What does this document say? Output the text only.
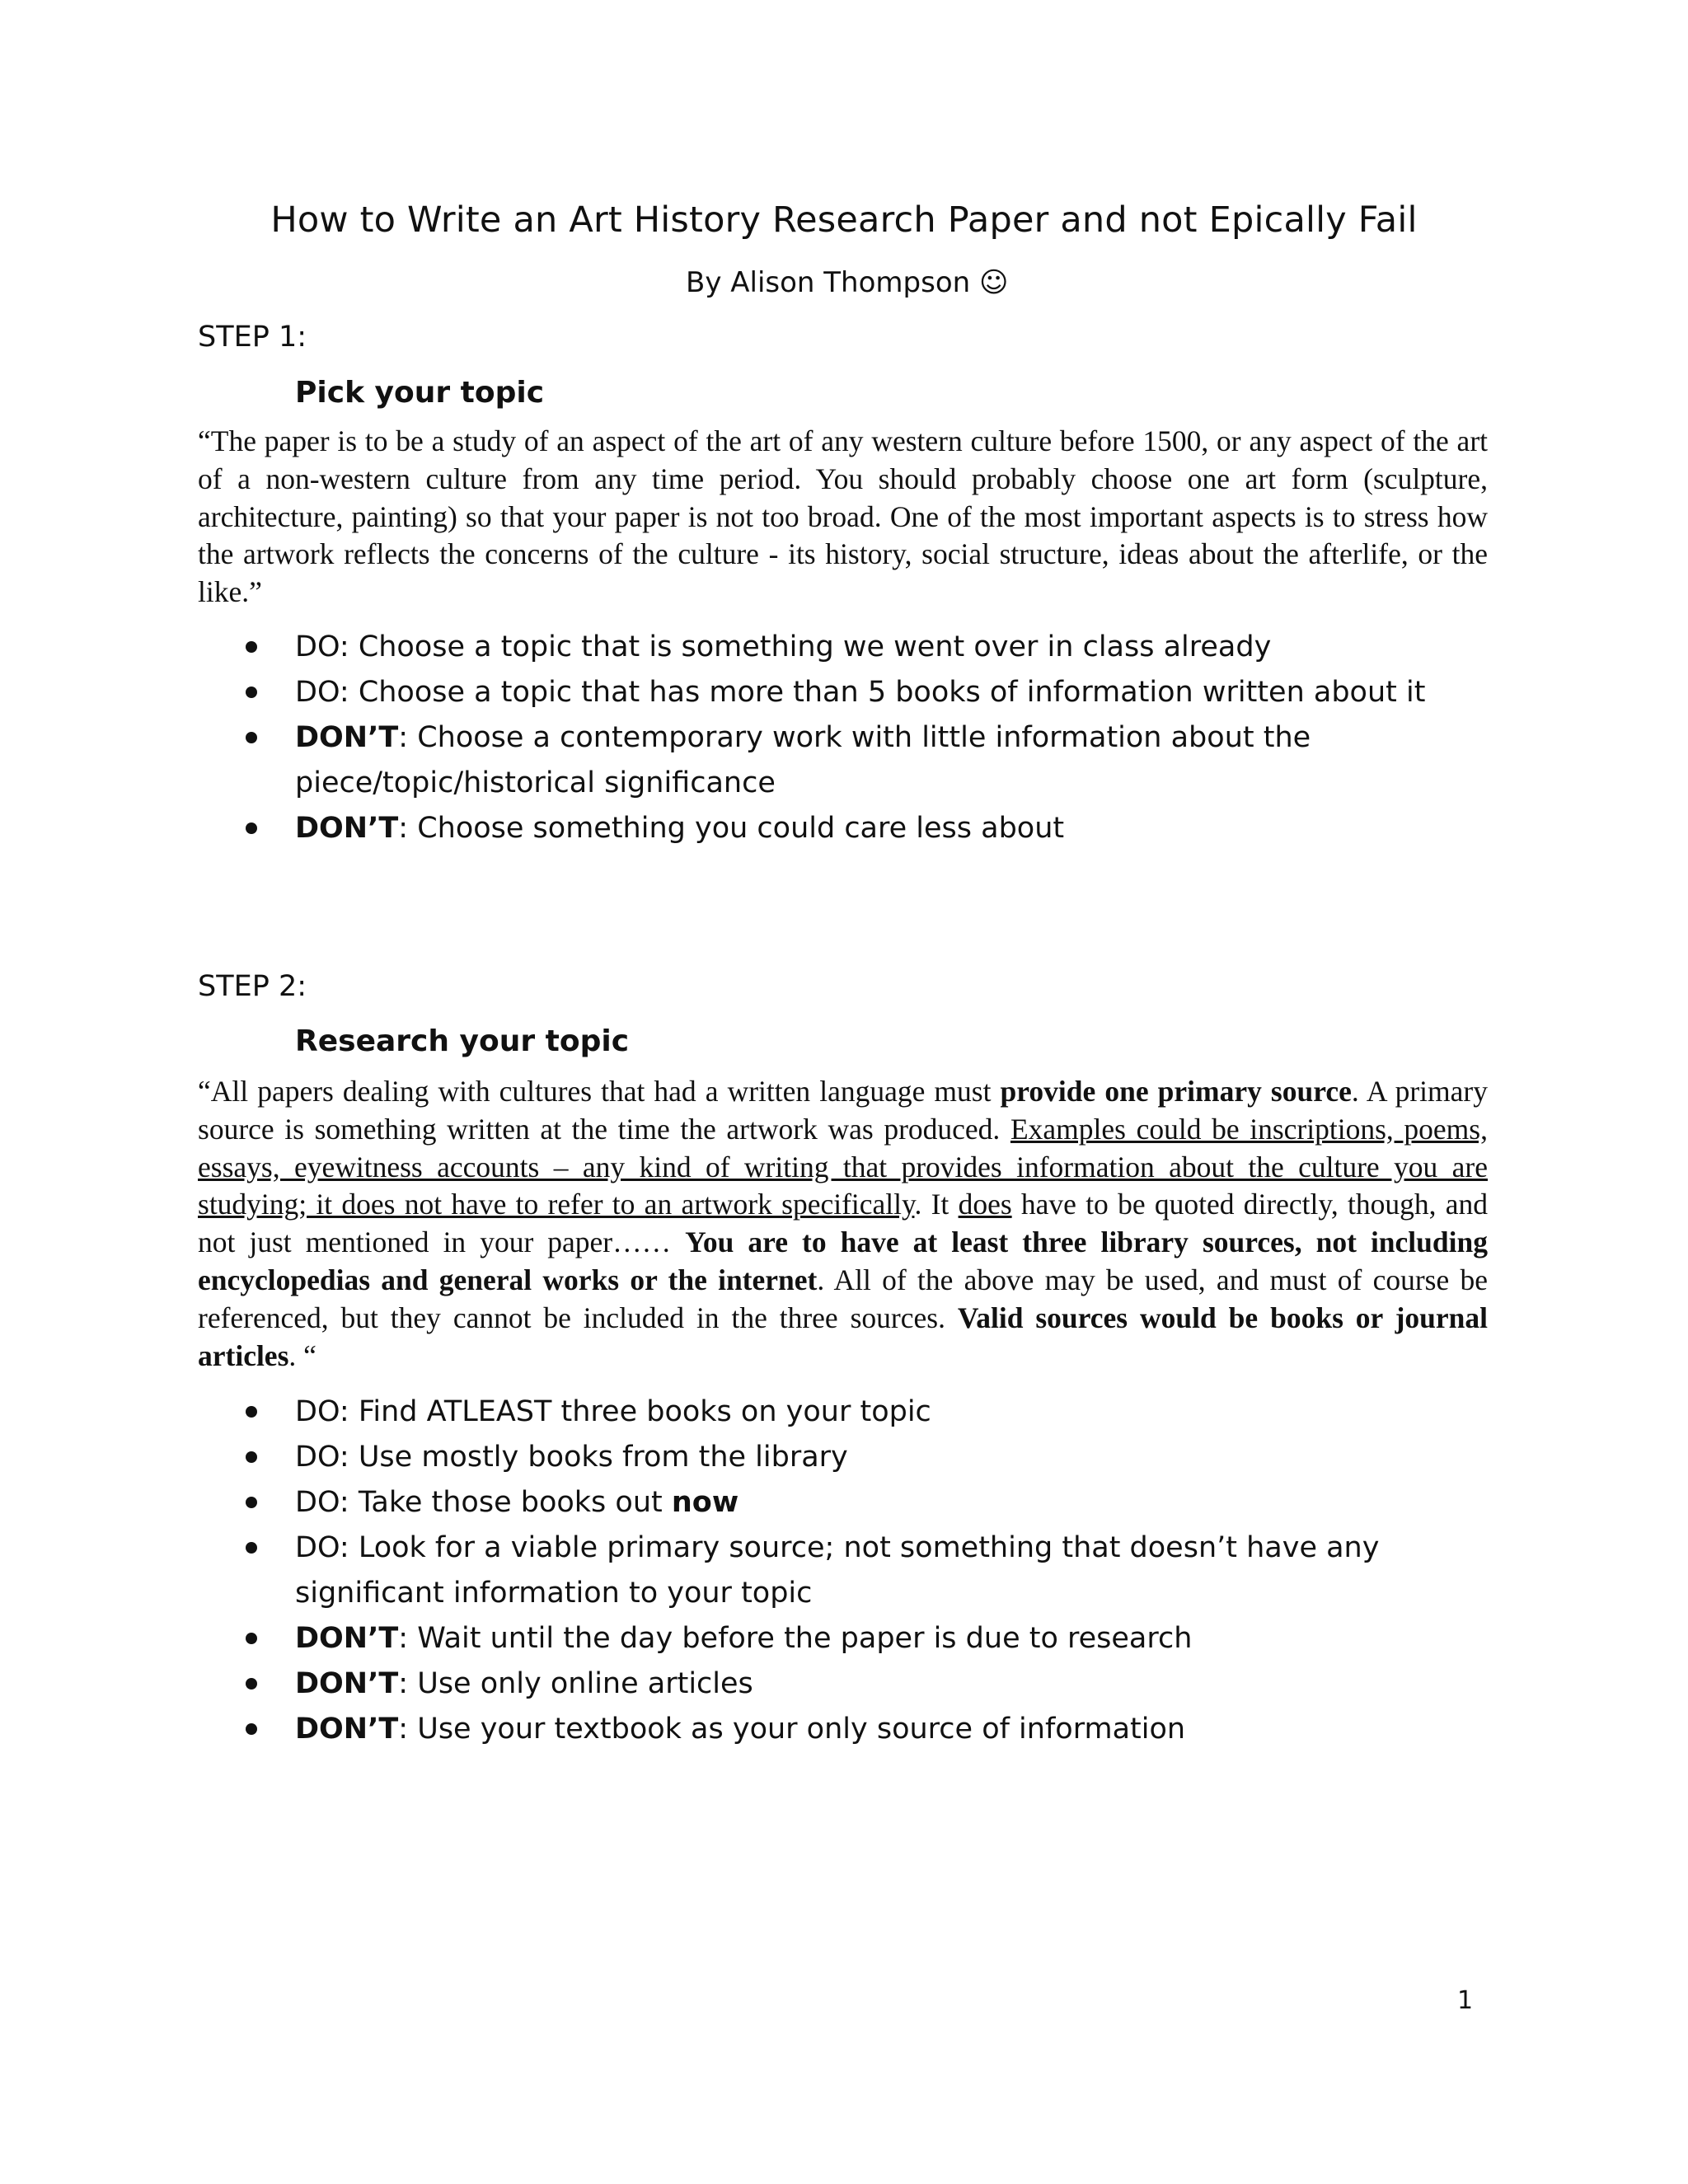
How to Write an Art History Research Paper and not Epically Fail
By Alison Thompson ☺
STEP 1:
Pick your topic
“The paper is to be a study of an aspect of the art of any western culture before 1500, or any aspect of the art of a non-western culture from any time period. You should probably choose one art form (sculpture, architecture, painting) so that your paper is not too broad. One of the most important aspects is to stress how the artwork reflects the concerns of the culture - its history, social structure, ideas about the afterlife, or the like.”
DO: Choose a topic that is something we went over in class already
DO: Choose a topic that has more than 5 books of information written about it
DON’T: Choose a contemporary work with little information about the piece/topic/historical significance
DON’T: Choose something you could care less about
STEP 2:
Research your topic
“All papers dealing with cultures that had a written language must provide one primary source. A primary source is something written at the time the artwork was produced. Examples could be inscriptions, poems, essays, eyewitness accounts – any kind of writing that provides information about the culture you are studying; it does not have to refer to an artwork specifically. It does have to be quoted directly, though, and not just mentioned in your paper…… You are to have at least three library sources, not including encyclopedias and general works or the internet. All of the above may be used, and must of course be referenced, but they cannot be included in the three sources. Valid sources would be books or journal articles. “
DO: Find ATLEAST three books on your topic
DO: Use mostly books from the library
DO: Take those books out now
DO: Look for a viable primary source; not something that doesn’t have any significant information to your topic
DON’T: Wait until the day before the paper is due to research
DON’T: Use only online articles
DON’T: Use your textbook as your only source of information
1
